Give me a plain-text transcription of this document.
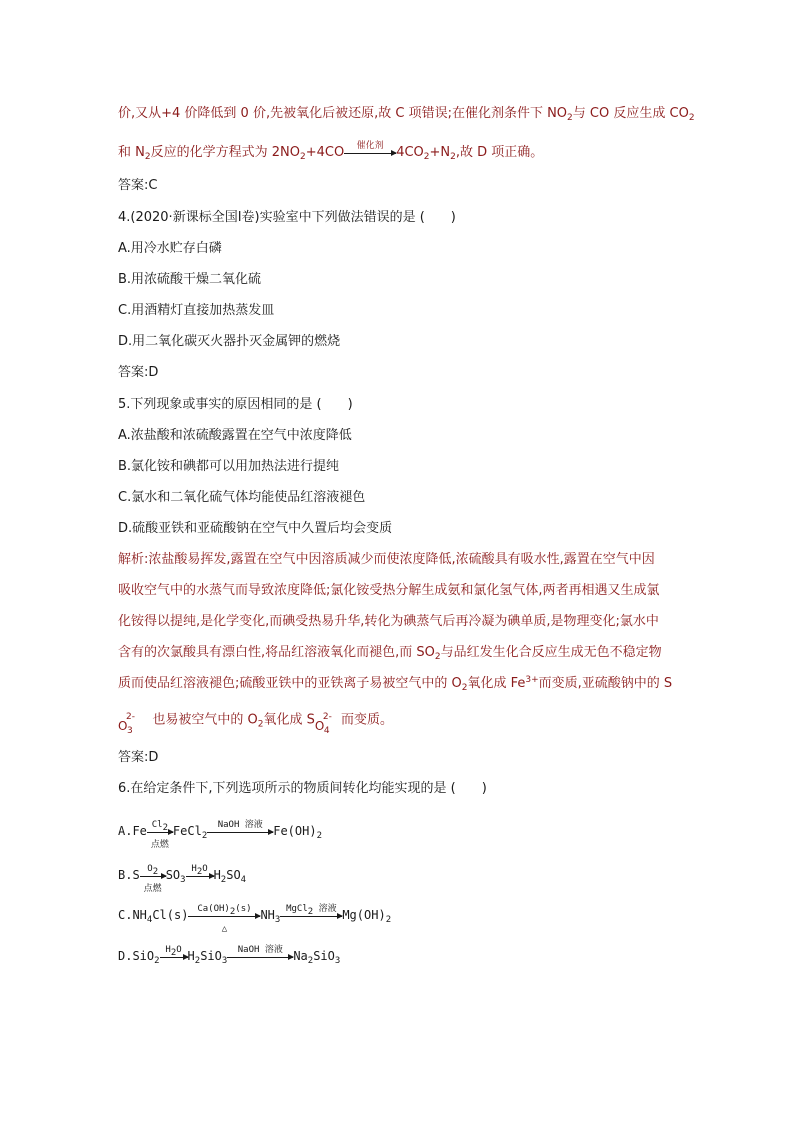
价,又从+4 价降低到 0 价,先被氧化后被还原,故 C 项错误;在催化剂条件下 $NO_2$与 CO 反应生成 $CO_2$
和 $N_2$反应的化学方程式为 $2NO_2+4CO$	催化剂 $4CO_2+N_2$,故 D 项正确。
答案:C
4.(2020·新课标全国Ⅰ卷)实验室中下列做法错误的是 (　　)
A.用冷水贮存白磷
B.用浓硫酸干燥二氧化硫
C.用酒精灯直接加热蒸发皿
D.用二氧化碳灭火器扑灭金属钾的燃烧
答案:D
5.下列现象或事实的原因相同的是 (　　)
A.浓盐酸和浓硫酸露置在空气中浓度降低
B.氯化铵和碘都可以用加热法进行提纯
C.氯水和二氧化硫气体均能使品红溶液褪色
D.硫酸亚铁和亚硫酸钠在空气中久置后均会变质
解析:浓盐酸易挥发,露置在空气中因溶质减少而使浓度降低,浓硫酸具有吸水性,露置在空气中因
吸收空气中的水蒸气而导致浓度降低;氯化铵受热分解生成氨和氯化氢气体,两者再相遇又生成氯
化铵得以提纯,是化学变化,而碘受热易升华,转化为碘蒸气后再冷凝为碘单质,是物理变化;氯水中
含有的次氯酸具有漂白性,将品红溶液氧化而褪色,而 $SO_2$与品红发生化合反应生成无色不稳定物
质而使品红溶液褪色;硫酸亚铁中的亚铁离子易被空气中的 $O_2$氧化成 $Fe^{3+}$而变质,亚硫酸钠中的 S
O
2-
3
也易被空气中的 $O_2$氧化成 S O
2-
4
而变质。
答案:D
6.在给定条件下,下列选项所示的物质间转化均能实现的是 (　　)
A.Fe $Cl_2$
点燃
FeCl$_2$
NaOH 溶液 $Fe(OH)_2$
B.S $O_2$
点燃
$SO_3$
$H_2O$ $H_2SO_4$
$C.NH_4Cl(s)$ $Ca(OH)_2(s)$
△
$NH_3$
MgCl$_2$ 溶液 $Mg(OH)_2$
D.SiO$_2$
$H_2O$ $H_2SiO_3$
NaOH 溶液 $Na_2SiO_3$
